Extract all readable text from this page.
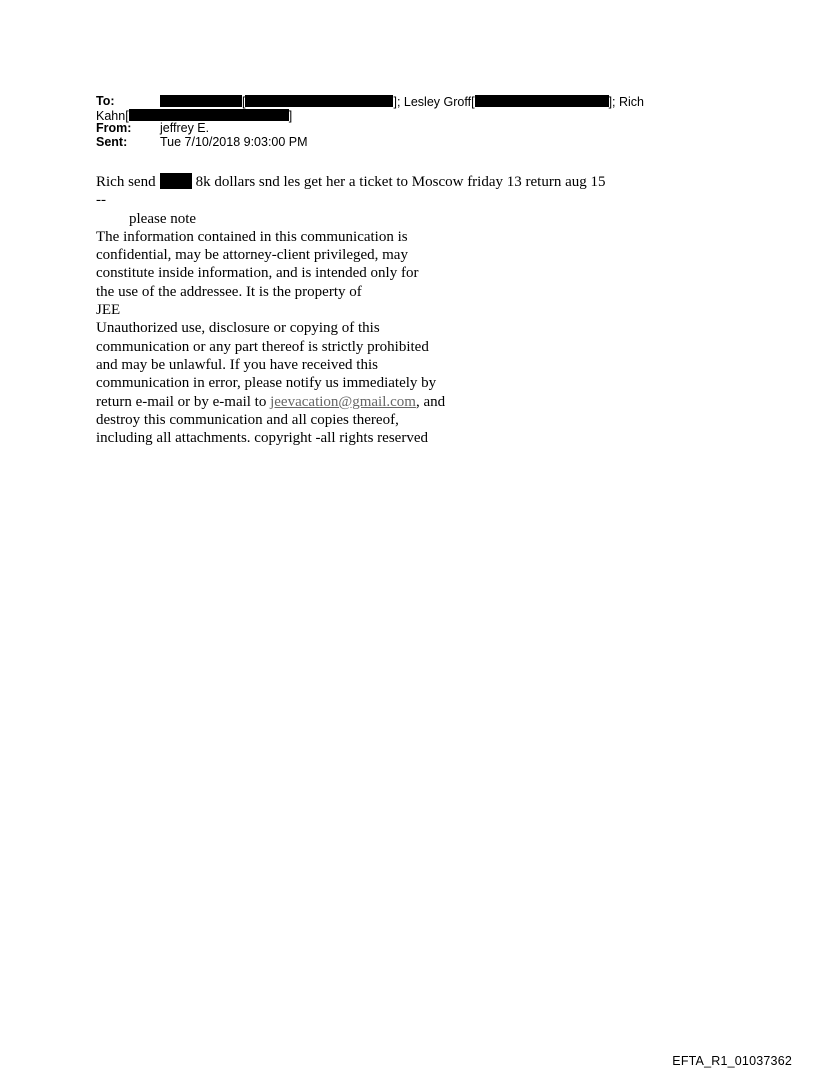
To:	[	]; Lesley Groff[	]; Rich
Kahn[	]
From: jeffrey E.
Sent:	Tue 7/10/2018 9:03:00 PM

Rich send	8k dollars snd les get her a ticket to Moscow friday 13 return aug 15

--

please note

The information contained in this communication is

confidential, may be attorney-client privileged, may

constitute inside information, and is intended only for

the use of the addressee. It is the property of

JEE

Unauthorized use, disclosure or copying of this

communication or any part thereof is strictly prohibited

and may be unlawful. If you have received this

communication in error, please notify us immediately by

return e-mail or by e-mail to jeevacation@gmail.com, and

destroy this communication and all copies thereof,

including all attachments. copyright -all rights reserved

EFTA_R1_01037362
